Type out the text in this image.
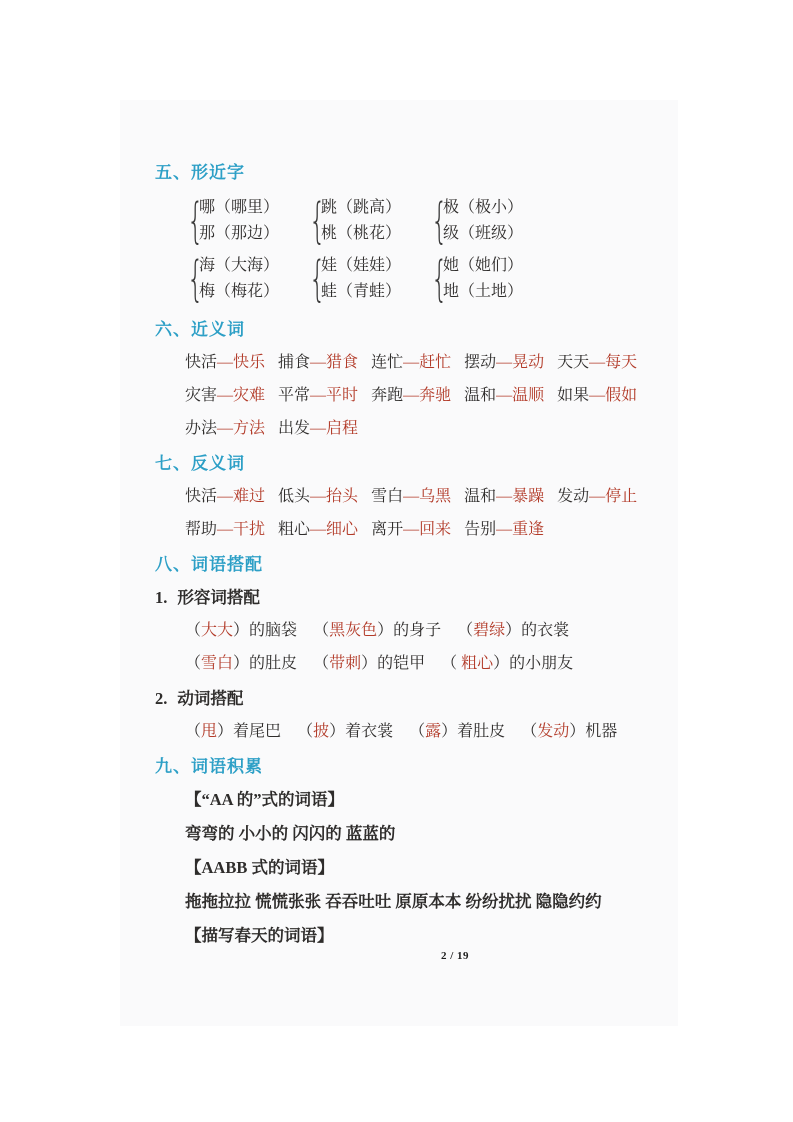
五、形近字
{
哪（哪里）
那（那边） {
跳（跳高）
桃（桃花） {
极（极小）
级（班级）
{
海（大海）
梅（梅花） {
娃（娃娃）
蛙（青蛙） {
她（她们）
地（土地）
六、近义词
快活—快乐 捕食—猎食 连忙—赶忙 摆动—晃动 天天—每天
灾害—灾难 平常—平时 奔跑—奔驰 温和—温顺 如果—假如
办法—方法 出发—启程
七、反义词
快活—难过 低头—抬头 雪白—乌黑 温和—暴躁 发动—停止
帮助—干扰 粗心—细心 离开—回来 告别—重逢
八、词语搭配
1. 形容词搭配
（大大）的脑袋 （黑灰色）的身子 （碧绿）的衣裳
（雪白）的肚皮 （带刺）的铠甲 （ 粗心）的小朋友
2. 动词搭配
（甩）着尾巴 （披）着衣裳 （露）着肚皮 （发动）机器
九、词语积累
【“AA 的”式的词语】
弯弯的 小小的 闪闪的 蓝蓝的
【AABB 式的词语】
拖拖拉拉 慌慌张张 吞吞吐吐 原原本本 纷纷扰扰 隐隐约约
【描写春天的词语】
2 / 19
